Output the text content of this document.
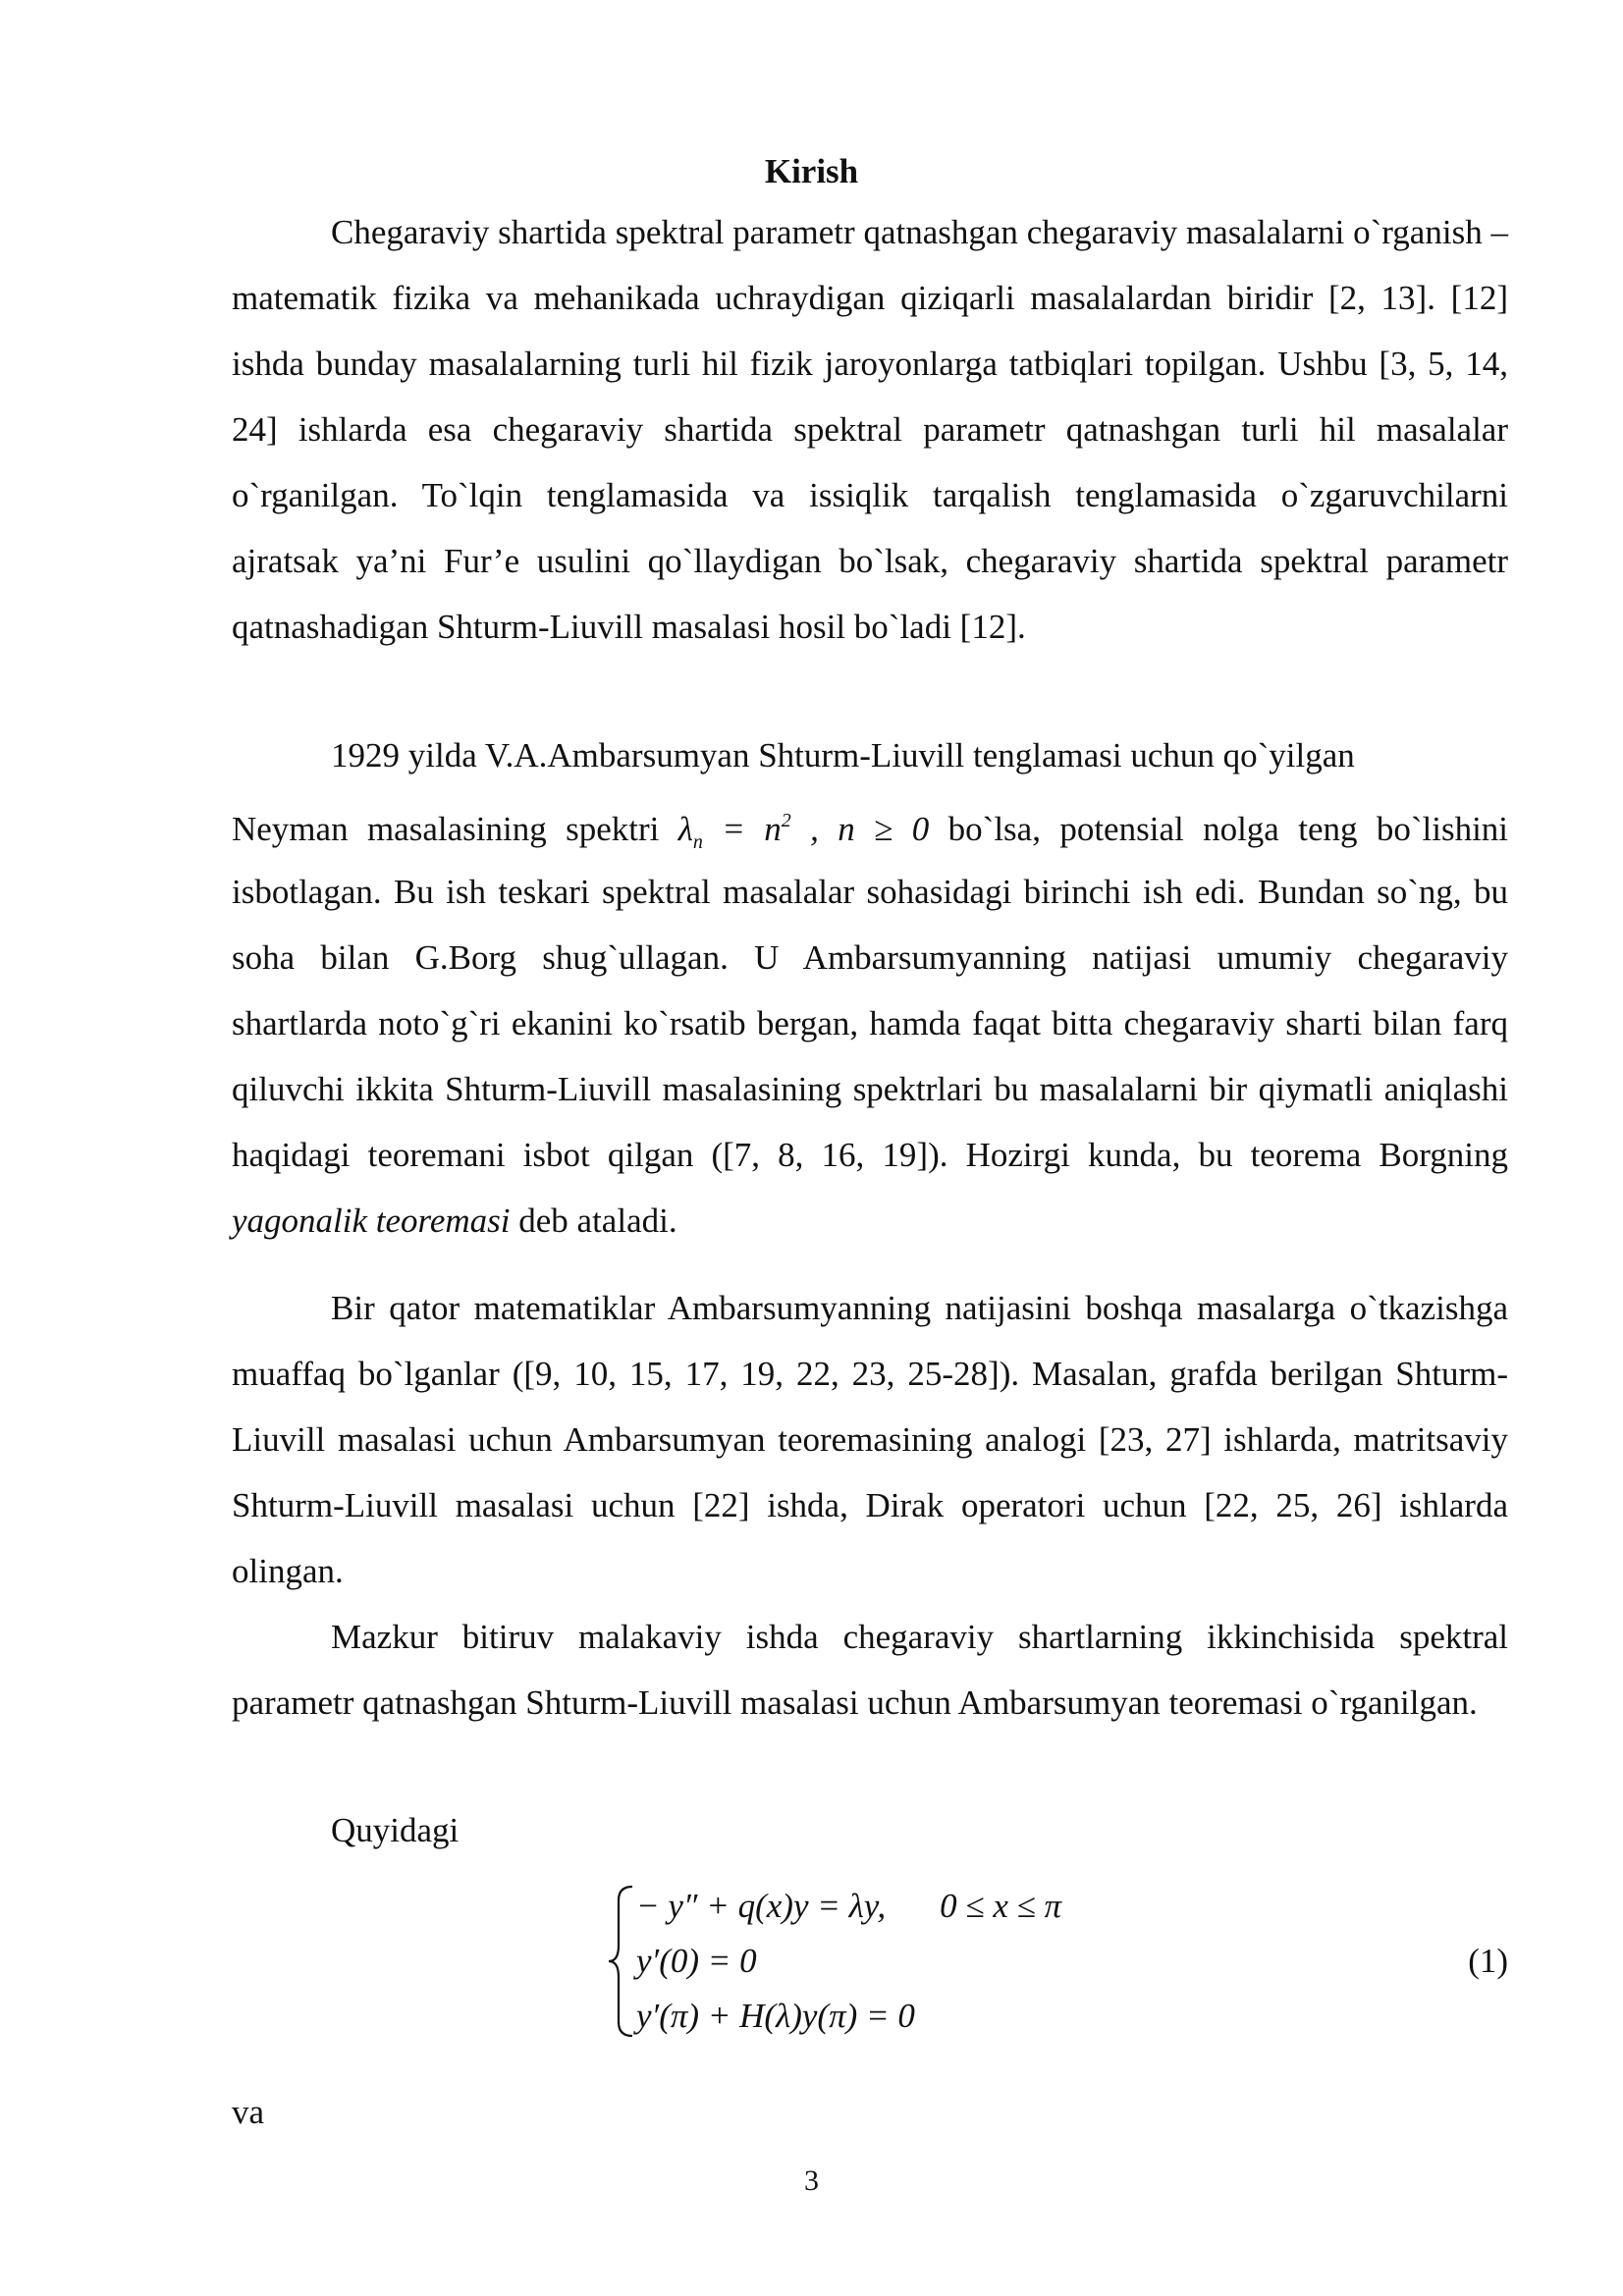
Kirish

Chegaraviy shartida spektral parametr qatnashgan chegaraviy masalalarni o`rganish – matematik fizika va mehanikada uchraydigan qiziqarli masalalardan biridir [2, 13]. [12] ishda bunday masalalarning turli hil fizik jaroyonlarga tatbiqlari topilgan. Ushbu [3, 5, 14, 24] ishlarda esa chegaraviy shartida spektral parametr qatnashgan turli hil masalalar o`rganilgan. To`lqin tenglamasida va issiqlik tarqalish tenglamasida o`zgaruvchilarni ajratsak ya’ni Fur’e usulini qo`llaydigan bo`lsak, chegaraviy shartida spektral parametr qatnashadigan Shturm-Liuvill masalasi hosil bo`ladi [12].

1929 yilda V.A.Ambarsumyan Shturm-Liuvill tenglamasi uchun qo`yilgan

Neyman masalasining spektri $\lambda_n = n^2$ , n ≥ 0 bo`lsa, potensial nolga teng bo`lishini

isbotlagan. Bu ish teskari spektral masalalar sohasidagi birinchi ish edi. Bundan so`ng, bu soha bilan G.Borg shug`ullagan. U Ambarsumyanning natijasi umumiy chegaraviy shartlarda noto`g`ri ekanini ko`rsatib bergan, hamda faqat bitta chegaraviy sharti bilan farq qiluvchi ikkita Shturm-Liuvill masalasining spektrlari bu masalalarni bir qiymatli aniqlashi haqidagi teoremani isbot qilgan ([7, 8, 16, 19]). Hozirgi kunda, bu teorema Borgning yagonalik teoremasi deb ataladi.

Bir qator matematiklar Ambarsumyanning natijasini boshqa masalarga o`tkazishga muaffaq bo`lganlar ([9, 10, 15, 17, 19, 22, 23, 25-28]). Masalan, grafda berilgan Shturm-Liuvill masalasi uchun Ambarsumyan teoremasining analogi [23, 27] ishlarda, matritsaviy Shturm-Liuvill masalasi uchun [22] ishda, Dirak operatori uchun [22, 25, 26] ishlarda olingan.

Mazkur bitiruv malakaviy ishda chegaraviy shartlarning ikkinchisida spektral parametr qatnashgan Shturm-Liuvill masalasi uchun Ambarsumyan teoremasi o`rganilgan.

Quyidagi

− y″ + q(x)y = λy, 0 ≤ x ≤ π
y′(0) = 0
y′(π) + H(λ)y(π) = 0
(1)

va

3
